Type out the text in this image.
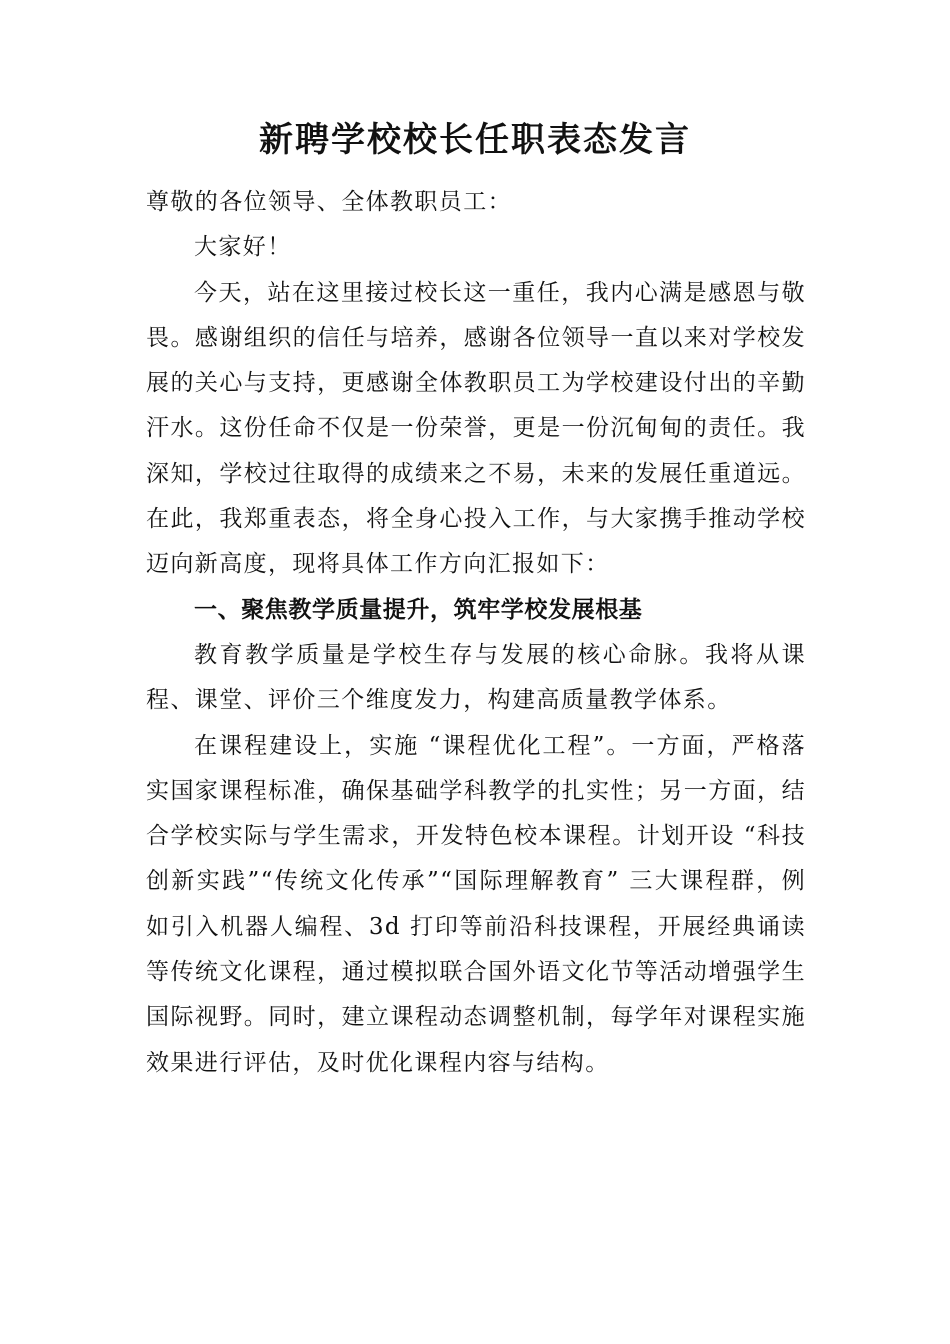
新聘学校校长任职表态发言

尊敬的各位领导、全体教职员工：

大家好！

今天，站在这里接过校长这一重任，我内心满是感恩与敬畏。感谢组织的信任与培养，感谢各位领导一直以来对学校发展的关心与支持，更感谢全体教职员工为学校建设付出的辛勤汗水。这份任命不仅是一份荣誉，更是一份沉甸甸的责任。我深知，学校过往取得的成绩来之不易，未来的发展任重道远。在此，我郑重表态，将全身心投入工作，与大家携手推动学校迈向新高度，现将具体工作方向汇报如下：

一、聚焦教学质量提升，筑牢学校发展根基

教育教学质量是学校生存与发展的核心命脉。我将从课程、课堂、评价三个维度发力，构建高质量教学体系。

在课程建设上，实施 “课程优化工程”。一方面，严格落实国家课程标准，确保基础学科教学的扎实性；另一方面，结合学校实际与学生需求，开发特色校本课程。计划开设 “科技创新实践”“传统文化传承”“国际理解教育” 三大课程群，例如引入机器人编程、3d 打印等前沿科技课程，开展经典诵读等传统文化课程，通过模拟联合国外语文化节等活动增强学生国际视野。同时，建立课程动态调整机制，每学年对课程实施效果进行评估，及时优化课程内容与结构。
